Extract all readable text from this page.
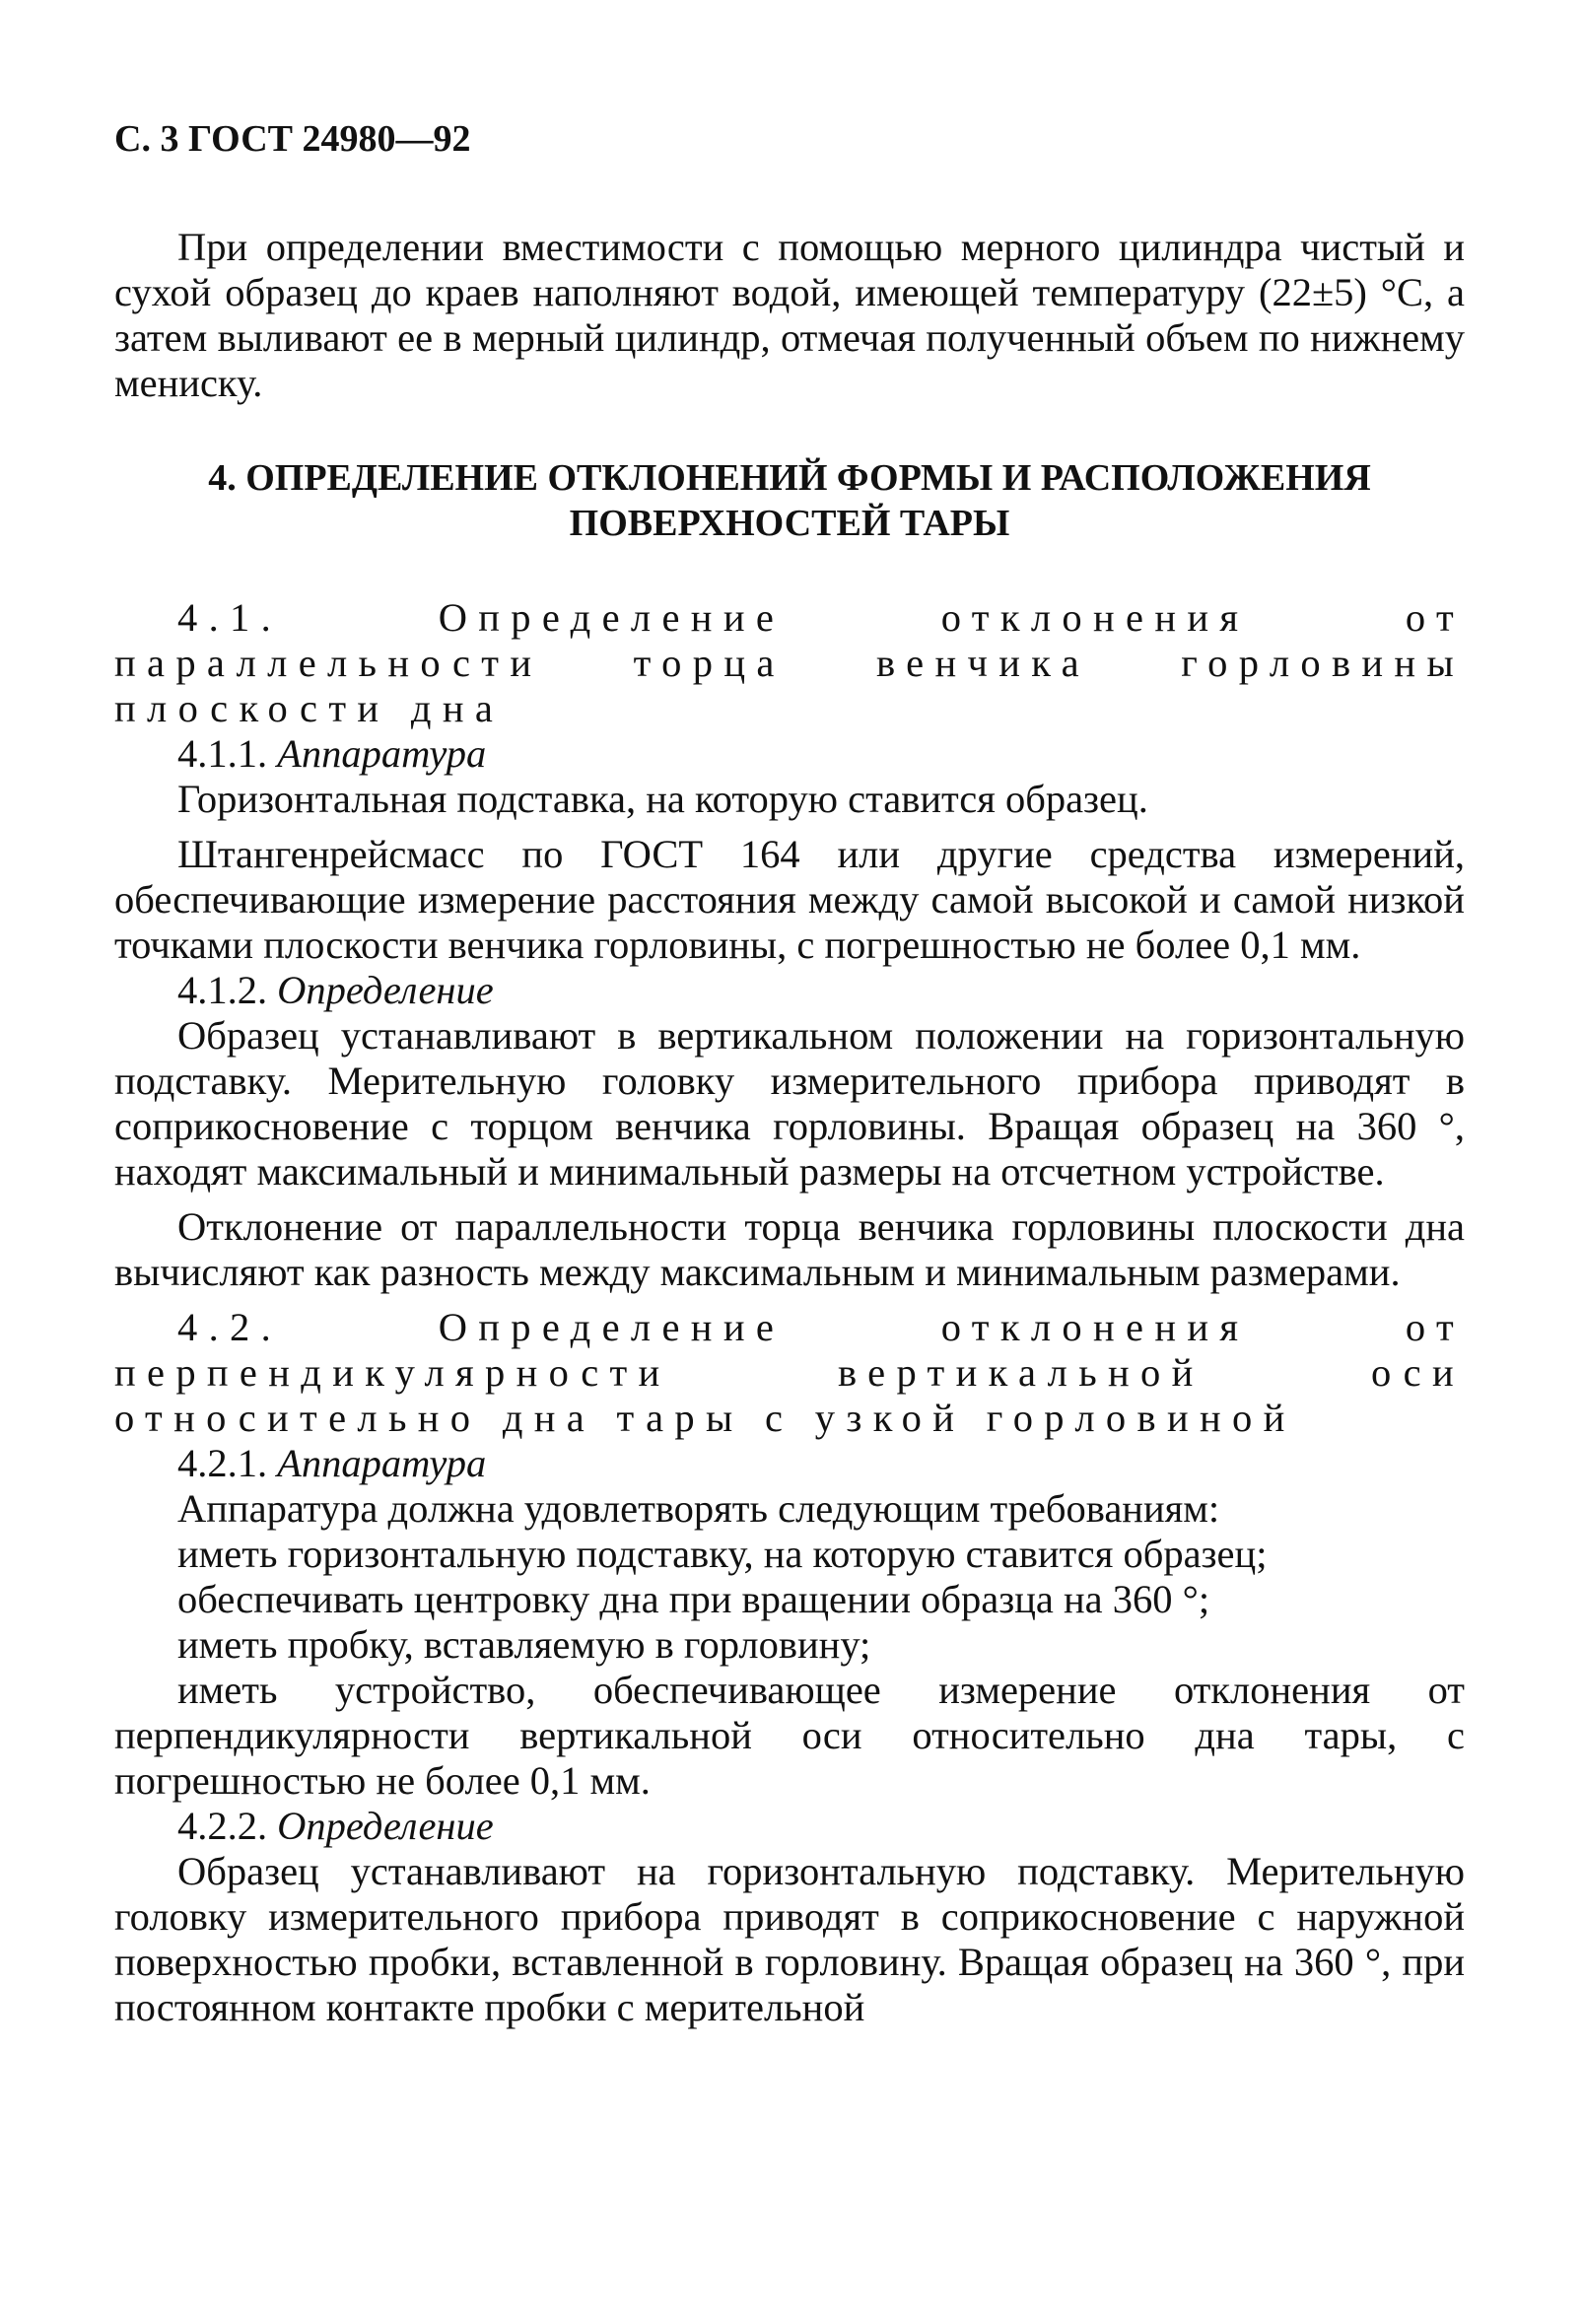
С. 3 ГОСТ 24980—92

При определении вместимости с помощью мерного цилиндра чистый и сухой образец до краев наполняют водой, имеющей температуру (22±5) °С, а затем выливают ее в мерный цилиндр, отмечая полученный объем по нижнему мениску.

4. ОПРЕДЕЛЕНИЕ ОТКЛОНЕНИЙ ФОРМЫ И РАСПОЛОЖЕНИЯ
ПОВЕРХНОСТЕЙ ТАРЫ

4.1. Определение отклонения от параллельности торца венчика горловины плоскости дна

4.1.1. Аппаратура

Горизонтальная подставка, на которую ставится образец.

Штангенрейсмасс по ГОСТ 164 или другие средства измерений, обеспечивающие измерение расстояния между самой высокой и самой низкой точками плоскости венчика горловины, с погрешностью не более 0,1 мм.

4.1.2. Определение

Образец устанавливают в вертикальном положении на горизонтальную подставку. Мерительную головку измерительного прибора приводят в соприкосновение с торцом венчика горловины. Вращая образец на 360 °, находят максимальный и минимальный размеры на отсчетном устройстве.

Отклонение от параллельности торца венчика горловины плоскости дна вычисляют как разность между максимальным и минимальным размерами.

4.2. Определение отклонения от перпендикулярности вертикальной оси относительно дна тары с узкой горловиной

4.2.1. Аппаратура

Аппаратура должна удовлетворять следующим требованиям:

иметь горизонтальную подставку, на которую ставится образец;

обеспечивать центровку дна при вращении образца на 360 °;

иметь пробку, вставляемую в горловину;

иметь устройство, обеспечивающее измерение отклонения от перпендикулярности вертикальной оси относительно дна тары, с погрешностью не более 0,1 мм.

4.2.2. Определение

Образец устанавливают на горизонтальную подставку. Мерительную головку измерительного прибора приводят в соприкосновение с наружной поверхностью пробки, вставленной в горловину. Вращая образец на 360 °, при постоянном контакте пробки с мерительной
